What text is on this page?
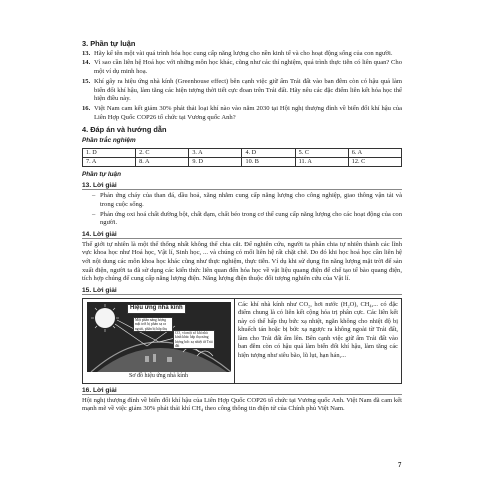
3. Phần tự luận
13. Hãy kể tên một vài quá trình hóa học cung cấp năng lượng cho nền kinh tế và cho hoạt động sống của con người.
14. Vì sao cần liên hệ Hoá học với những môn học khác, cũng như các thí nghiệm, quá trình thực tiễn có liên quan? Cho một ví dụ minh hoạ.
15. Khí gây ra hiệu ứng nhà kính (Greenhouse effect) bên cạnh việc giữ ấm Trái đất vào ban đêm còn có hậu quả làm biến đổi khí hậu, làm tăng các hiện tượng thời tiết cực đoan trên Trái đất. Hãy nêu các đặc điểm liên kết hóa học thể hiện điều này.
16. Việt Nam cam kết giảm 30% phát thải loại khí nào vào năm 2030 tại Hội nghị thượng đỉnh về biến đổi khí hậu của Liên Hợp Quốc COP26 tổ chức tại Vương quốc Anh?
4. Đáp án và hướng dẫn
Phần trắc nghiệm
1. D	2. C	3. A	4. D	5. C	6. A
7. A	8. A	9. D	10. B	11. A	12. C
Phần tự luận
13. Lời giải
– Phản ứng cháy của than đá, dầu hoả, xăng nhằm cung cấp năng lượng cho công nghiệp, giao thông vận tải và trong cuộc sống.
– Phản ứng oxi hoá chất đường bột, chất đạm, chất béo trong cơ thể cung cấp năng lượng cho các hoạt động của con người.
14. Lời giải
Thế giới tự nhiên là một thể thống nhất không thể chia cắt. Để nghiên cứu, người ta phân chia tự nhiên thành các lĩnh vực khoa học như Hoá học, Vật lí, Sinh học, ... và chúng có mối liên hệ rất chặt chẽ. Do đó khi học hoá học cần liên hệ với nội dung các môn khoa học khác cũng như thực nghiệm, thực tiễn. Ví dụ khi sử dụng fin năng lượng mặt trời để sản xuất điện, người ta đã sử dụng các kiến thức liên quan đến hóa học về vật liệu quang điện để chế tạo tế bào quang điện, tích hợp chúng để cung cấp năng lượng điện. Năng lượng điện thuộc đối tượng nghiên cứu của Vật lí.
15. Lời giải
Hiệu ứng nhà kính
Một phần năng lượng mặt trời bị phản xạ ra ngoài, phần bị hấp thụ
CO₂ và một số khí nhà kính khác hấp thụ năng lượng bức xạ nhiệt từ Trái đất
Sơ đồ hiệu ứng nhà kính
Các khí nhà kính như CO₂, hơi nước (H₂O), CH₄,... có đặc điểm chung là có liên kết cộng hóa trị phân cực. Các liên kết này có thể hấp thụ bức xạ nhiệt, ngăn không cho nhiệt độ bị khuếch tán hoặc bị bức xạ ngược ra không ngoài từ Trái đất, làm cho Trái đất ấm lên. Bên cạnh việc giữ ấm Trái đất vào ban đêm còn có hậu quả làm biến đổi khí hậu, làm tăng các hiện tượng như siêu bão, lũ lụt, hạn hán,...
16. Lời giải
Hội nghị thượng đỉnh về biến đổi khí hậu của Liên Hợp Quốc COP26 tổ chức tại Vương quốc Anh. Việt Nam đã cam kết mạnh mẽ về việc giảm 30% phát thải khí CH₄ theo công thông tin điện tử của Chính phủ Việt Nam.
7
